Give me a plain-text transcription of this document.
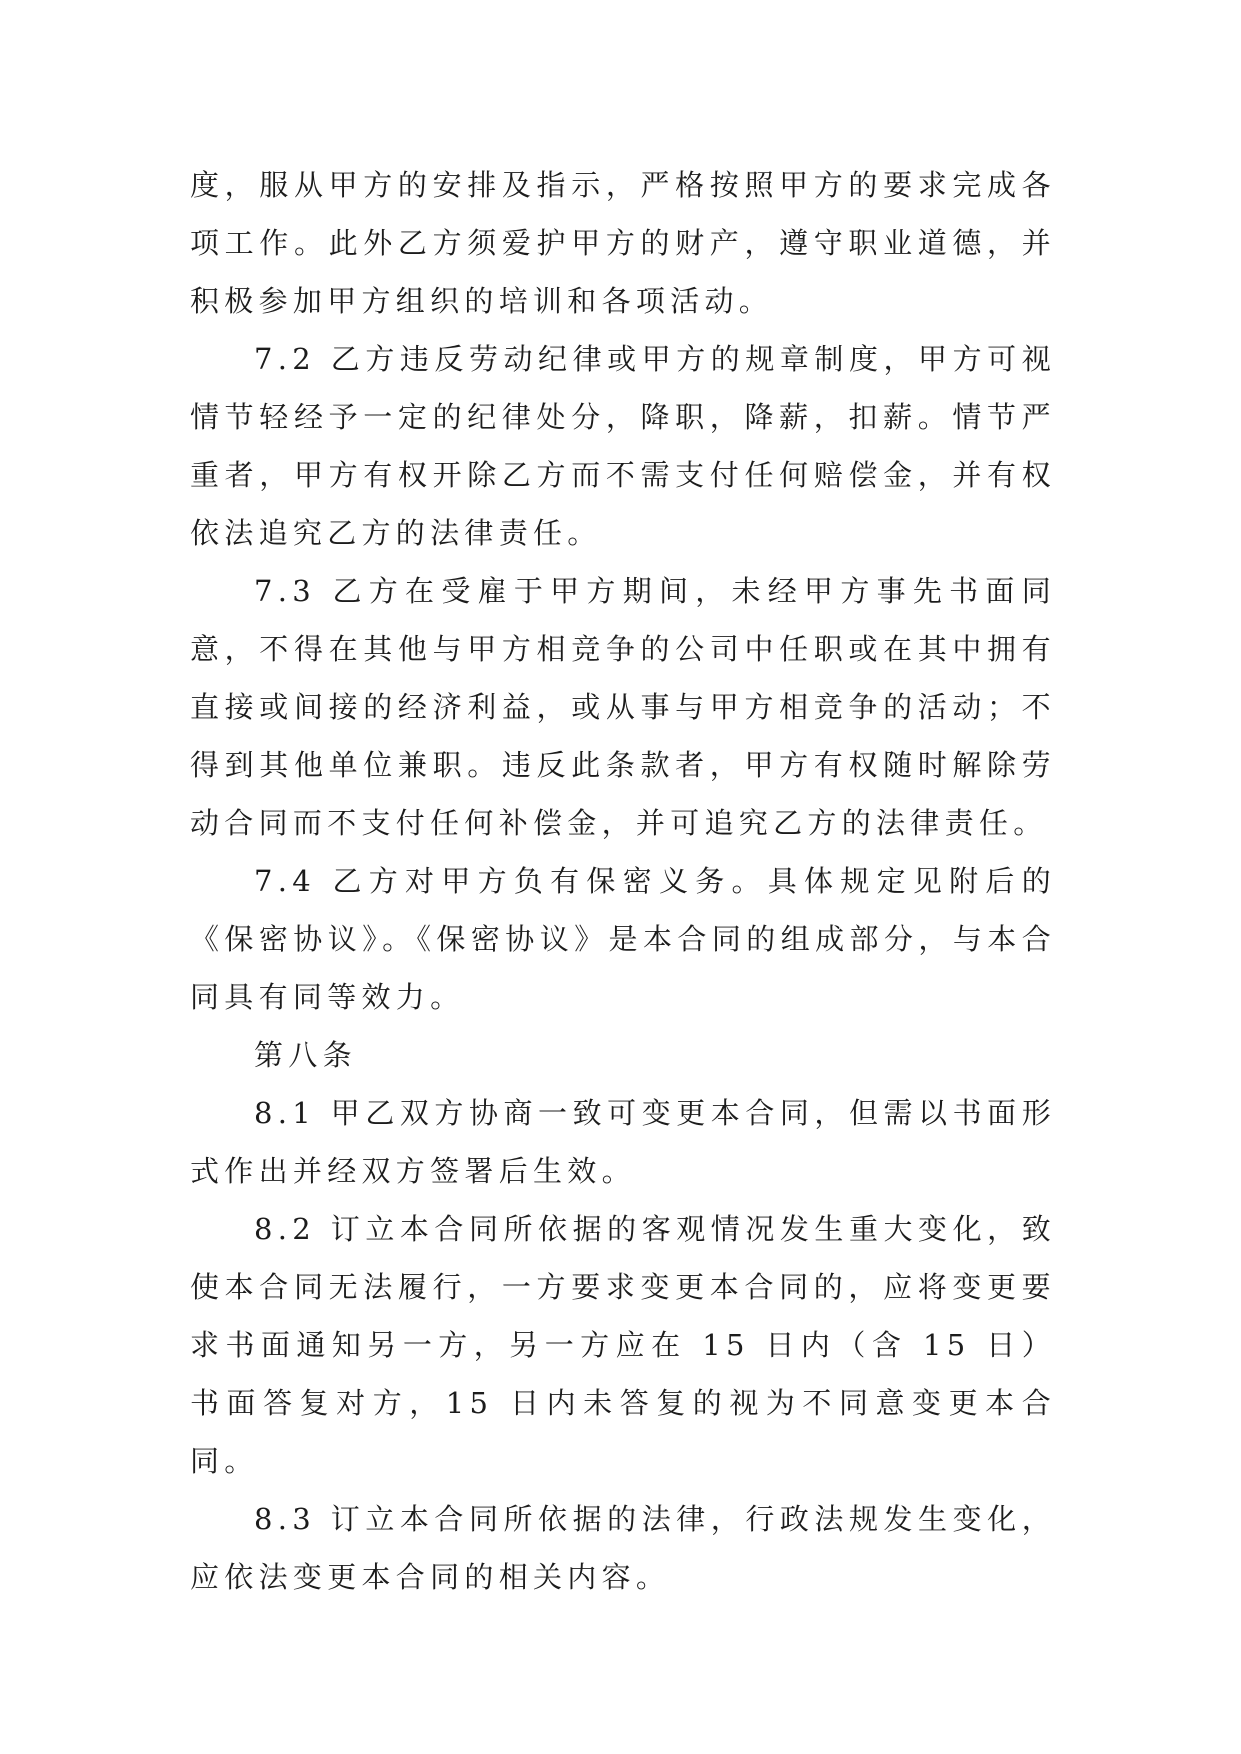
度，服从甲方的安排及指示，严格按照甲方的要求完成各项工作。此外乙方须爱护甲方的财产，遵守职业道德，并积极参加甲方组织的培训和各项活动。

7.2 乙方违反劳动纪律或甲方的规章制度，甲方可视情节轻经予一定的纪律处分，降职，降薪，扣薪。情节严重者，甲方有权开除乙方而不需支付任何赔偿金，并有权依法追究乙方的法律责任。

7.3 乙方在受雇于甲方期间，未经甲方事先书面同意，不得在其他与甲方相竞争的公司中任职或在其中拥有直接或间接的经济利益，或从事与甲方相竞争的活动；不得到其他单位兼职。违反此条款者，甲方有权随时解除劳动合同而不支付任何补偿金，并可追究乙方的法律责任。

7.4 乙方对甲方负有保密义务。具体规定见附后的《保密协议》。《保密协议》是本合同的组成部分，与本合同具有同等效力。

第八条

8.1 甲乙双方协商一致可变更本合同，但需以书面形式作出并经双方签署后生效。

8.2 订立本合同所依据的客观情况发生重大变化，致使本合同无法履行，一方要求变更本合同的，应将变更要求书面通知另一方，另一方应在 15 日内（含 15 日）书面答复对方，15 日内未答复的视为不同意变更本合同。

8.3 订立本合同所依据的法律，行政法规发生变化，应依法变更本合同的相关内容。
